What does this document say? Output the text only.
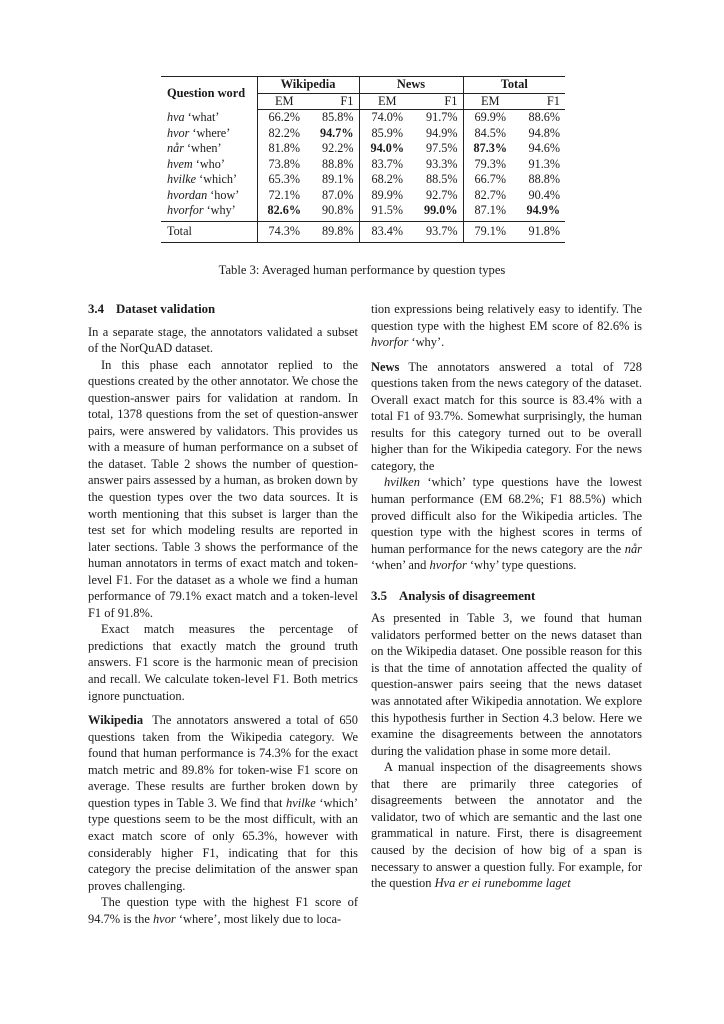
Question word	Wikipedia		News		Total	
	EM	F1	EM	F1	EM	F1
hva ‘what’	66.2%	85.8%	74.0%	91.7%	69.9%	88.6%
hvor ‘where’	82.2%	94.7%	85.9%	94.9%	84.5%	94.8%
når ‘when’	81.8%	92.2%	94.0%	97.5%	87.3%	94.6%
hvem ‘who’	73.8%	88.8%	83.7%	93.3%	79.3%	91.3%
hvilke ‘which’	65.3%	89.1%	68.2%	88.5%	66.7%	88.8%
hvordan ‘how’	72.1%	87.0%	89.9%	92.7%	82.7%	90.4%
hvorfor ‘why’	82.6%	90.8%	91.5%	99.0%	87.1%	94.9%
Total	74.3%	89.8%	83.4%	93.7%	79.1%	91.8%
Table 3: Averaged human performance by question types
3.4 Dataset validation

In a separate stage, the annotators validated a subset of the NorQuAD dataset.

In this phase each annotator replied to the questions created by the other annotator. We chose the question-answer pairs for validation at random. In total, 1378 questions from the set of question-answer pairs, were answered by validators. This provides us with a measure of human performance on a subset of the dataset. Table 2 shows the number of question-answer pairs assessed by a human, as broken down by the question types over the two data sources. It is worth mentioning that this subset is larger than the test set for which modeling results are reported in later sections. Table 3 shows the performance of the human annotators in terms of exact match and token-level F1. For the dataset as a whole we find a human performance of 79.1% exact match and a token-level F1 of 91.8%.

Exact match measures the percentage of predictions that exactly match the ground truth answers. F1 score is the harmonic mean of precision and recall. We calculate token-level F1. Both metrics ignore punctuation.

Wikipedia The annotators answered a total of 650 questions taken from the Wikipedia category. We found that human performance is 74.3% for the exact match metric and 89.8% for token-wise F1 score on average. These results are further broken down by question types in Table 3. We find that hvilke ‘which’ type questions seem to be the most difficult, with an exact match score of only 65.3%, however with considerably higher F1, indicating that for this category the precise delimitation of the answer span proves challenging.

The question type with the highest F1 score of 94.7% is the hvor ‘where’, most likely due to loca-

tion expressions being relatively easy to identify. The question type with the highest EM score of 82.6% is hvorfor ‘why’.

News The annotators answered a total of 728 questions taken from the news category of the dataset. Overall exact match for this source is 83.4% with a total F1 of 93.7%. Somewhat surprisingly, the human results for this category turned out to be overall higher than for the Wikipedia category. For the news category, the

hvilken ‘which’ type questions have the lowest human performance (EM 68.2%; F1 88.5%) which proved difficult also for the Wikipedia articles. The question type with the highest scores in terms of human performance for the news category are the når ‘when’ and hvorfor ‘why’ type questions.

3.5 Analysis of disagreement

As presented in Table 3, we found that human validators performed better on the news dataset than on the Wikipedia dataset. One possible reason for this is that the time of annotation affected the quality of question-answer pairs seeing that the news dataset was annotated after Wikipedia annotation. We explore this hypothesis further in Section 4.3 below. Here we examine the disagreements between the annotators during the validation phase in some more detail.

A manual inspection of the disagreements shows that there are primarily three categories of disagreements between the annotator and the validator, two of which are semantic and the last one grammatical in nature. First, there is disagreement caused by the decision of how big of a span is necessary to answer a question fully. For example, for the question Hva er ei runebomme laget
